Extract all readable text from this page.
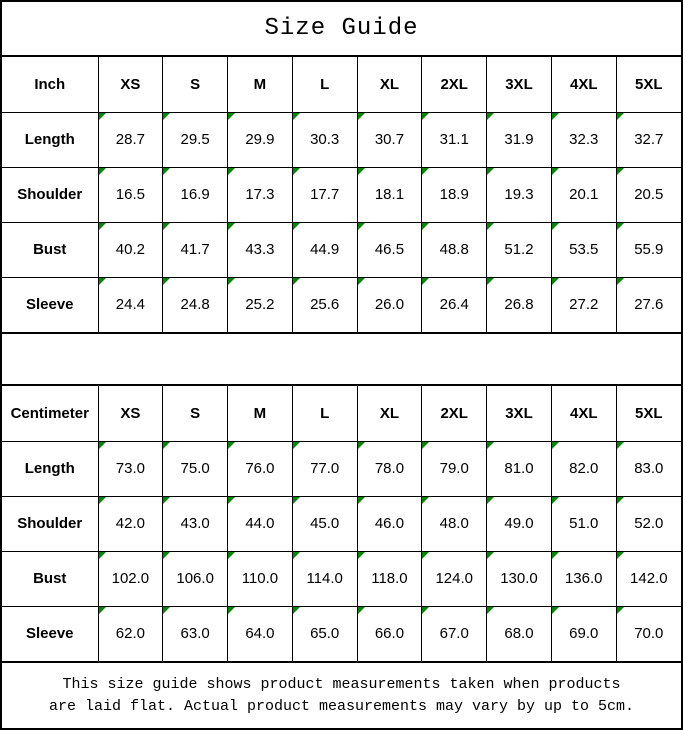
Size Guide
Inch	XS	S	M	L	XL	2XL	3XL	4XL	5XL
Length	28.7	29.5	29.9	30.3	30.7	31.1	31.9	32.3	32.7
Shoulder	16.5	16.9	17.3	17.7	18.1	18.9	19.3	20.1	20.5
Bust	40.2	41.7	43.3	44.9	46.5	48.8	51.2	53.5	55.9
Sleeve	24.4	24.8	25.2	25.6	26.0	26.4	26.8	27.2	27.6
Centimeter	XS	S	M	L	XL	2XL	3XL	4XL	5XL
Length	73.0	75.0	76.0	77.0	78.0	79.0	81.0	82.0	83.0
Shoulder	42.0	43.0	44.0	45.0	46.0	48.0	49.0	51.0	52.0
Bust	102.0	106.0	110.0	114.0	118.0	124.0	130.0	136.0	142.0
Sleeve	62.0	63.0	64.0	65.0	66.0	67.0	68.0	69.0	70.0
This size guide shows product measurements taken when products
are laid flat. Actual product measurements may vary by up to 5cm.
